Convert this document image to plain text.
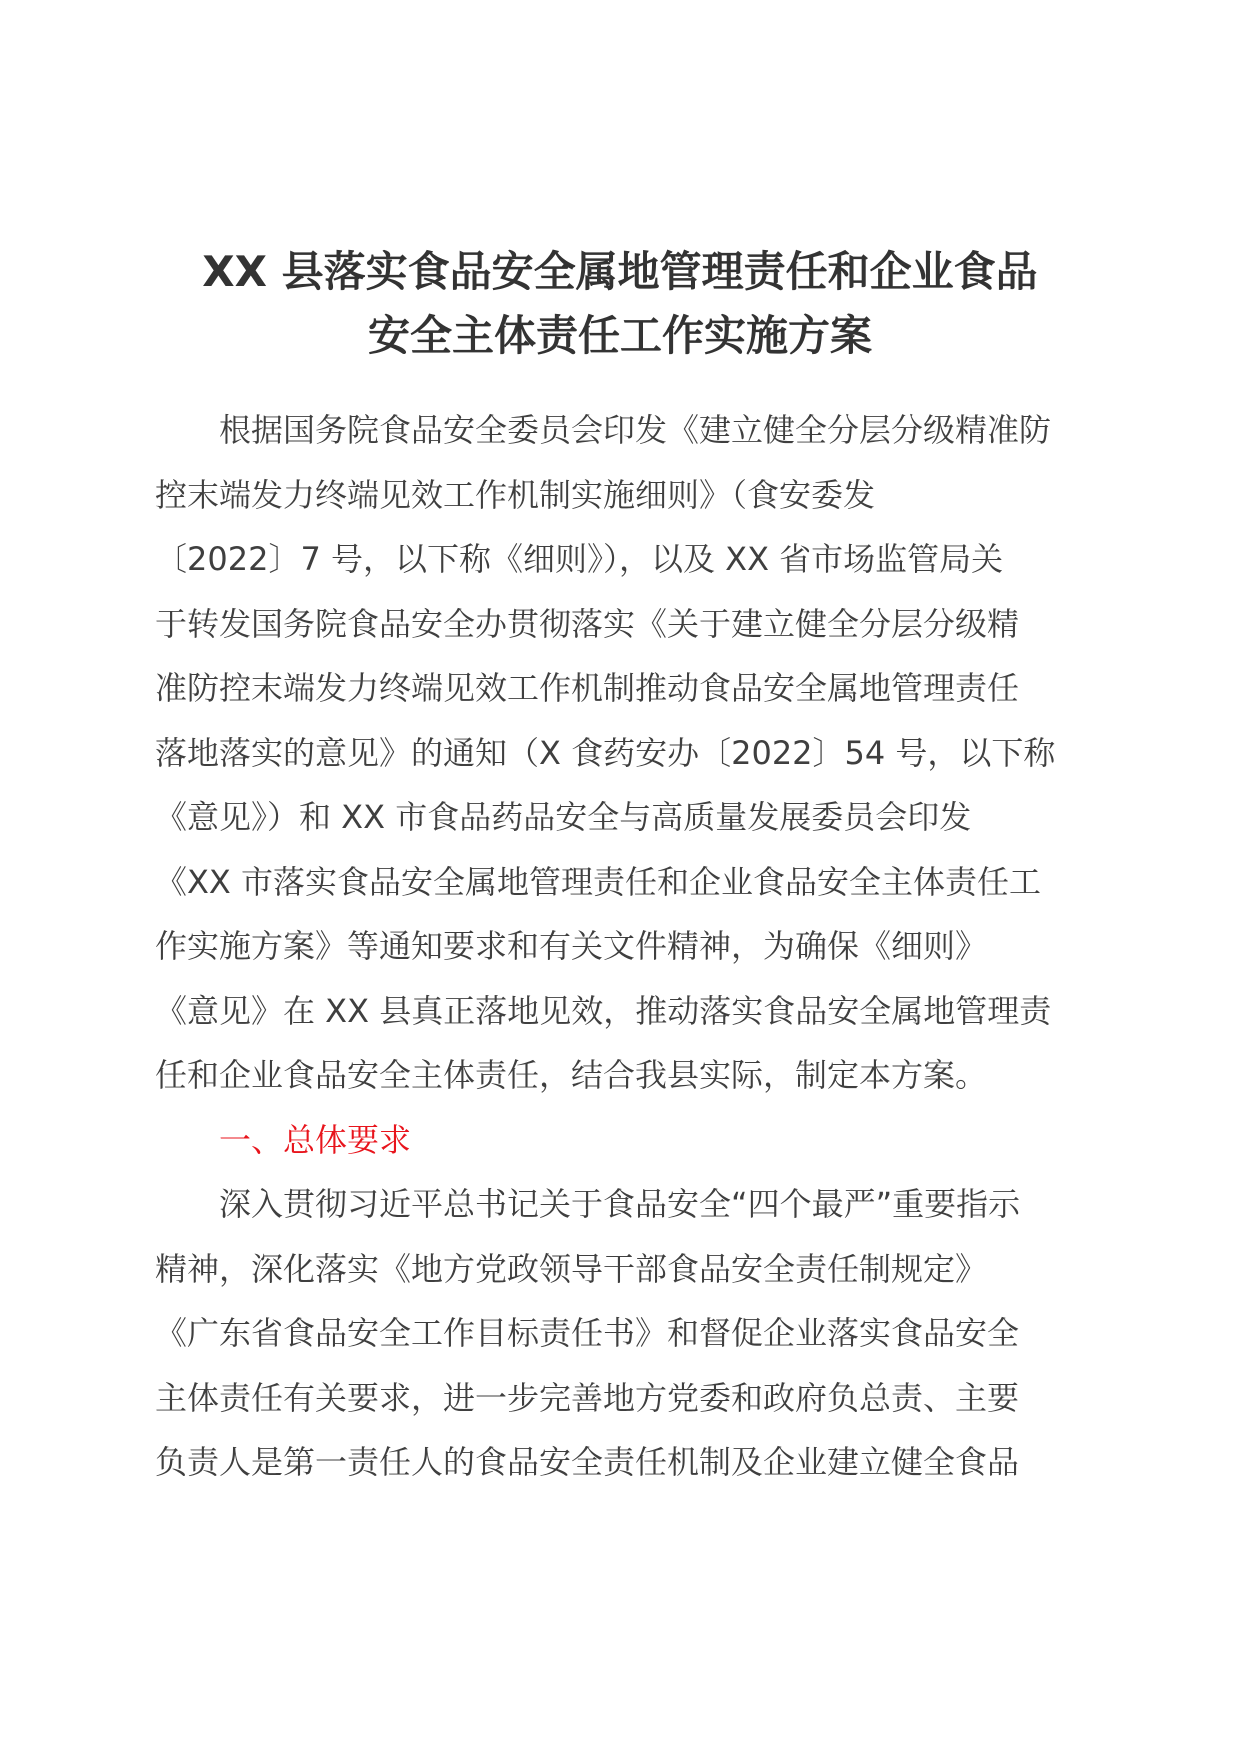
XX 县落实食品安全属地管理责任和企业食品
安全主体责任工作实施方案
　　根据国务院食品安全委员会印发《建立健全分层分级精准防
控末端发力终端见效工作机制实施细则》（食安委发
〔2022〕7 号，以下称《细则》），以及 XX 省市场监管局关
于转发国务院食品安全办贯彻落实《关于建立健全分层分级精
准防控末端发力终端见效工作机制推动食品安全属地管理责任
落地落实的意见》的通知（X 食药安办〔2022〕54 号，以下称
《意见》）和 XX 市食品药品安全与高质量发展委员会印发
《XX 市落实食品安全属地管理责任和企业食品安全主体责任工
作实施方案》等通知要求和有关文件精神，为确保《细则》
《意见》在 XX 县真正落地见效，推动落实食品安全属地管理责
任和企业食品安全主体责任，结合我县实际，制定本方案。
　　一、总体要求
　　深入贯彻习近平总书记关于食品安全“四个最严”重要指示
精神，深化落实《地方党政领导干部食品安全责任制规定》
《广东省食品安全工作目标责任书》和督促企业落实食品安全
主体责任有关要求，进一步完善地方党委和政府负总责、主要
负责人是第一责任人的食品安全责任机制及企业建立健全食品
